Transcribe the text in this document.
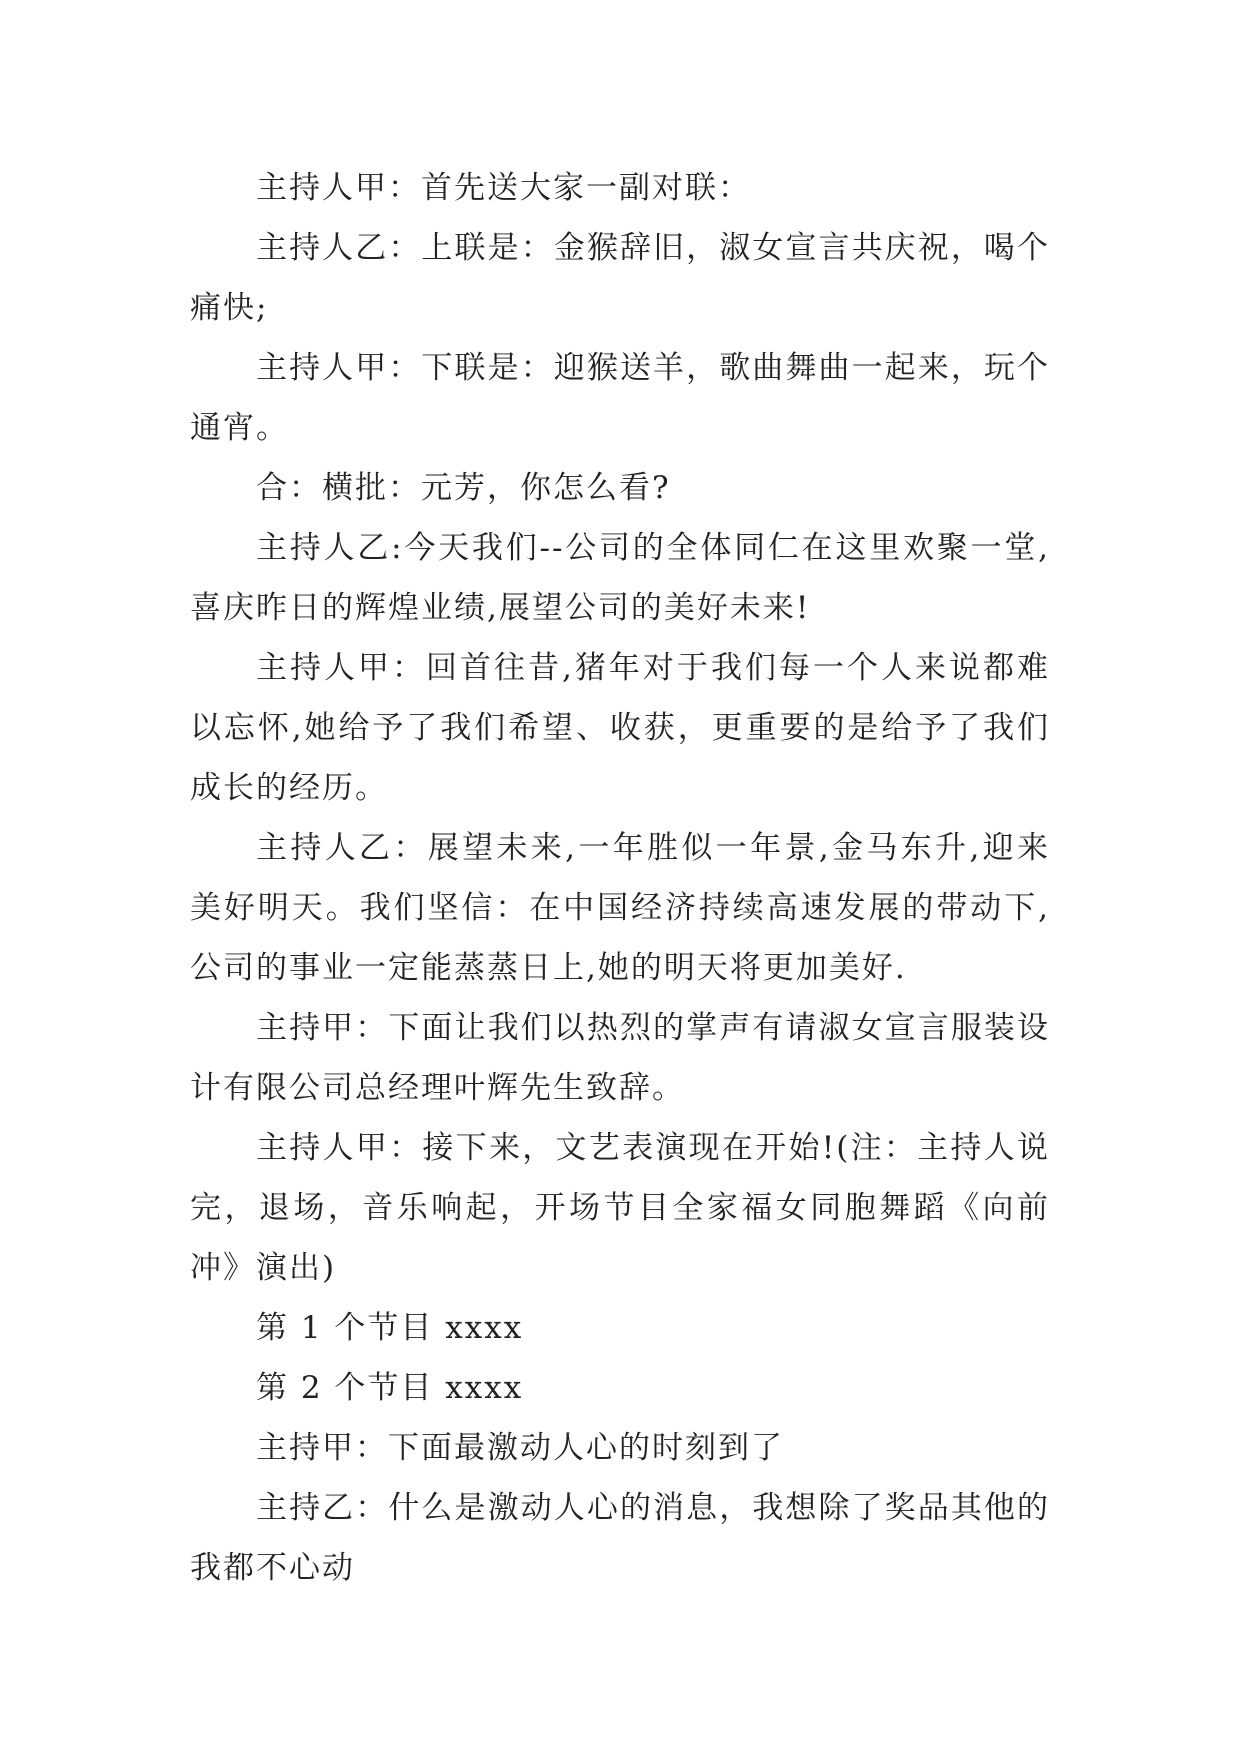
主持人甲：首先送大家一副对联：

主持人乙：上联是：金猴辞旧，淑女宣言共庆祝，喝个痛快;

主持人甲：下联是：迎猴送羊，歌曲舞曲一起来，玩个通宵。

合：横批：元芳，你怎么看?

主持人乙:今天我们--公司的全体同仁在这里欢聚一堂,喜庆昨日的辉煌业绩,展望公司的美好未来!

主持人甲：回首往昔,猪年对于我们每一个人来说都难以忘怀,她给予了我们希望、收获，更重要的是给予了我们成长的经历。

主持人乙：展望未来,一年胜似一年景,金马东升,迎来美好明天。我们坚信：在中国经济持续高速发展的带动下,公司的事业一定能蒸蒸日上,她的明天将更加美好.

主持甲：下面让我们以热烈的掌声有请淑女宣言服装设计有限公司总经理叶辉先生致辞。

主持人甲：接下来，文艺表演现在开始!(注：主持人说完，退场，音乐响起，开场节目全家福女同胞舞蹈《向前冲》演出)

第 1 个节目 xxxx

第 2 个节目 xxxx

主持甲：下面最激动人心的时刻到了

主持乙：什么是激动人心的消息，我想除了奖品其他的我都不心动
